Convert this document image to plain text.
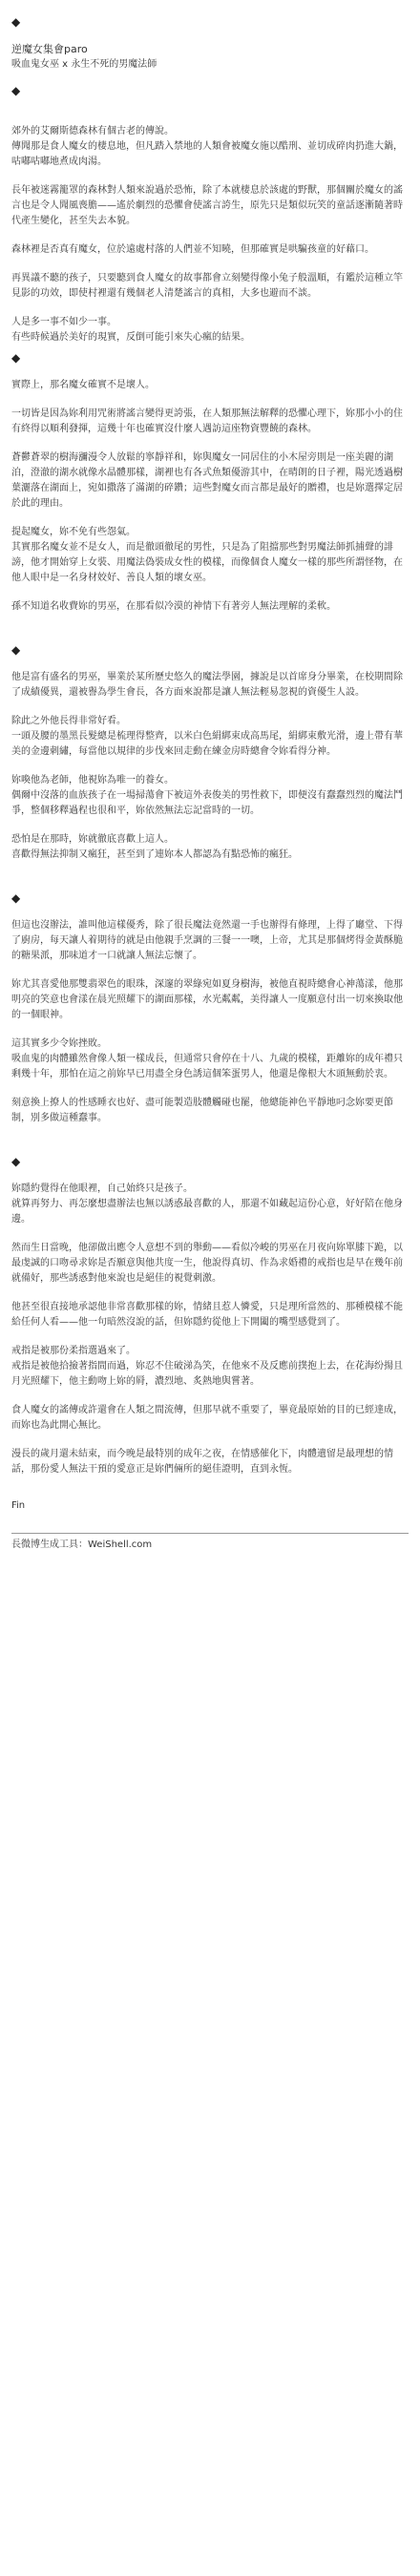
◆
逆魔女集會paro
吸血鬼女巫 x 永生不死的男魔法師
◆
郊外的艾爾斯德森林有個古老的傳說。
傳聞那是食人魔女的棲息地，但凡踏入禁地的人類會被魔女施以酷刑、並切成碎肉扔進大鍋，咕嘟咕嘟地煮成肉湯。
長年被迷霧籠罩的森林對人類來說過於恐怖，除了本就棲息於該處的野獸，那個關於魔女的謠言也是令人聞風喪膽——遙於劇烈的恐懼會使謠言誇生，原先只是類似玩笑的童話逐漸隨著時代產生變化，甚至失去本貌。
森林裡是否真有魔女，位於遠處村落的人們並不知曉，但那確實是哄騙孩童的好藉口。
再異議不聽的孩子，只要聽到食人魔女的故事都會立刻變得像小兔子般溫順，有鑑於這種立竿見影的功效，即使村裡還有幾個老人清楚謠言的真相，大多也避而不談。
人是多一事不如少一事。
有些時候過於美好的現實，反倒可能引來失心瘋的結果。
◆
實際上，那名魔女確實不是壞人。
一切皆是因為妳利用咒術將謠言變得更誇張，在人類那無法解釋的恐懼心理下，妳那小小的住有終得以順利發揮，這幾十年也確實沒什麼人遇訪這座物資豐饒的森林。
蒼鬱蒼翠的樹海瀰漫令人放鬆的寧靜祥和，妳與魔女一同居住的小木屋旁則是一座美麗的湖泊，澄澈的湖水就像水晶體那樣，湖裡也有各式魚類優游其中，在晴朗的日子裡，陽光透過樹葉灑落在湖面上，宛如撒落了滿湖的碎鑽；這些對魔女而言都是最好的贈禮，也是妳選擇定居於此的理由。
提起魔女，妳不免有些怨氣。
其實那名魔女並不是女人，而是徹頭徹尾的男性，只是為了阻擋那些對男魔法師抓捕聲的誹謗，他才開始穿上女裝、用魔法偽裝成女性的模樣，而像個食人魔女一樣的那些所謂怪物，在他人眼中是一名身材姣好、善良人類的壞女巫。
孫不知道名收費妳的男巫，在那看似冷漠的神情下有著旁人無法理解的柔軟。
◆
他是富有盛名的男巫，畢業於某所歷史悠久的魔法學園，據說是以首席身分畢業，在校期間除了成績優異，還被譽為學生會長，各方面來說都是讓人無法輕易忽視的資優生人設。
除此之外他長得非常好看。
一頭及腰的墨黑長髮總是梳理得整齊，以米白色絹綁束成高馬尾，絹綁束敷光滑，邊上帶有華美的金邊刺繡，每當他以規律的步伐來回走動在練金房時總會令妳看得分神。
妳喚他為老師，他視妳為唯一的養女。
偶爾中沒落的血族孩子在一場掃蕩會下被這外表俊美的男性救下，即便沒有蠢蠢烈烈的魔法鬥爭，整個移釋過程也很和平，妳依然無法忘記當時的一切。
恐怕是在那時，妳就徹底喜歡上這人。
喜歡得無法抑制又瘋狂，甚至到了連妳本人都認為有點恐怖的瘋狂。
◆
但這也沒辦法，誰叫他這樣優秀，除了很長魔法竟然還一手也辦得有條理，上得了廳堂、下得了廚房，每天讓人着期待的就是由他親手烹調的三餐一一噢，上帝，尤其是那個烤得金黃酥脆的糖果派，那味道才一口就讓人無法忘懷了。
妳尤其喜愛他那雙翡翠色的眼珠，深邃的翠綠宛如夏身樹海，被他直視時總會心神蕩漾，他那明亮的笑意也會漾在晨光照耀下的湖面那樣，水光粼粼，美得讓人一度願意付出一切來換取他的一個眼神。
這其實多少令妳挫敗。
吸血鬼的肉體雖然會像人類一樣成長，但通常只會停在十八、九歲的模樣，距離妳的成年禮只剩幾十年，那怕在這之前妳早已用盡全身色誘這個笨蛋男人，他還是像根大木頭無動於衷。
刻意換上撩人的性感睡衣也好、盡可能製造肢體觸碰也罷，他總能神色平靜地叼念妳要更節制，別多做這種蠢事。
◆
妳隱約覺得在他眼裡，自己始終只是孩子。
就算再努力、再怎麼想盡辦法也無以誘惑最喜歡的人，那還不如藏起這份心意，好好陪在他身邊。
然而生日當晚，他卻做出應令人意想不到的舉動——看似冷峻的男巫在月夜向妳單膝下跪，以最虔誠的口吻尋求妳是否願意與他共度一生，他說得真切、作為求婚禮的戒指也是早在幾年前就備好，那些誘惑對他來說也是絕佳的視覺刺激。
他甚至很直接地承認他非常喜歡那樣的妳，情緒且惹人憐愛，只是理所當然的、那種模樣不能給任何人看——他一句暗然沒說的話，但妳隱約從他上下開闔的嘴型感覺到了。
戒指是被那份柔指選過來了。
戒指是被他拾撿著指間而過，妳忍不住破涕為笑，在他來不及反應前撲抱上去，在花海纷揚且月光照耀下，他主動吻上妳的脣，濃烈地、炙熱地與嘗著。
食人魔女的謠傳或許還會在人類之間流傳，但那早就不重要了，畢竟最原始的目的已經達成，而妳也為此開心無比。
漫長的歲月還未結束，而今晚是最特別的成年之夜，在情感催化下，肉體遺留是最理想的情話，那份愛人無法干預的愛意正是妳們倆所的絕佳證明，直到永恆。
Fin
長微博生成工具：WeiShell.com
